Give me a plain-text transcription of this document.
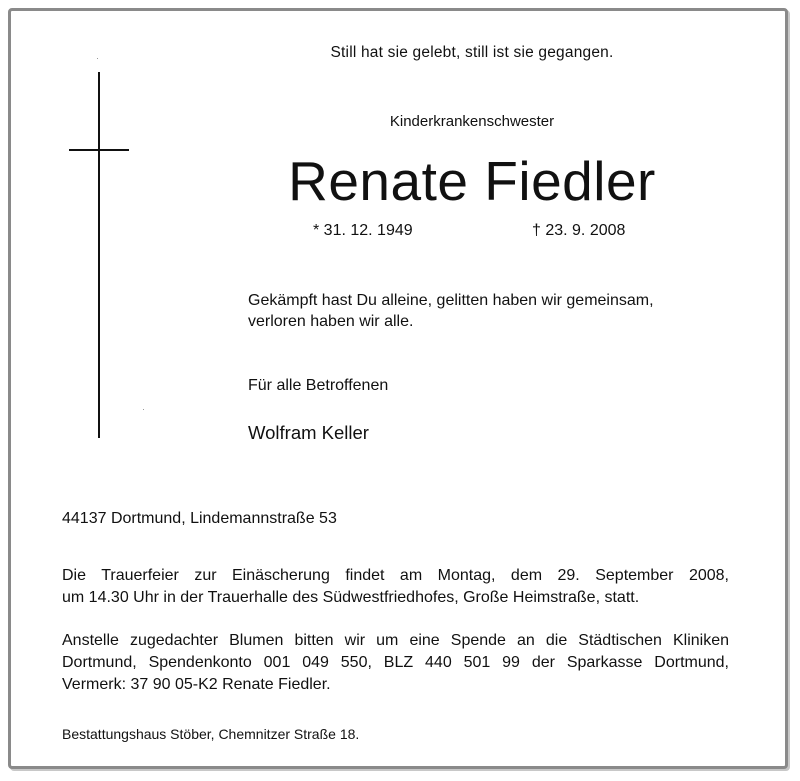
Still hat sie gelebt, still ist sie gegangen.
Kinderkrankenschwester
Renate Fiedler
* 31. 12. 1949	† 23. 9. 2008
Gekämpft hast Du alleine, gelitten haben wir gemeinsam,
verloren haben wir alle.
Für alle Betroffenen
Wolfram Keller
44137 Dortmund, Lindemannstraße 53
Die Trauerfeier zur Einäscherung findet am Montag, dem 29. September 2008,
um 14.30 Uhr in der Trauerhalle des Südwestfriedhofes, Große Heimstraße, statt.
Anstelle zugedachter Blumen bitten wir um eine Spende an die Städtischen Kliniken
Dortmund, Spendenkonto 001 049 550, BLZ 440 501 99 der Sparkasse Dortmund,
Vermerk: 37 90 05-K2 Renate Fiedler.
Bestattungshaus Stöber, Chemnitzer Straße 18.
